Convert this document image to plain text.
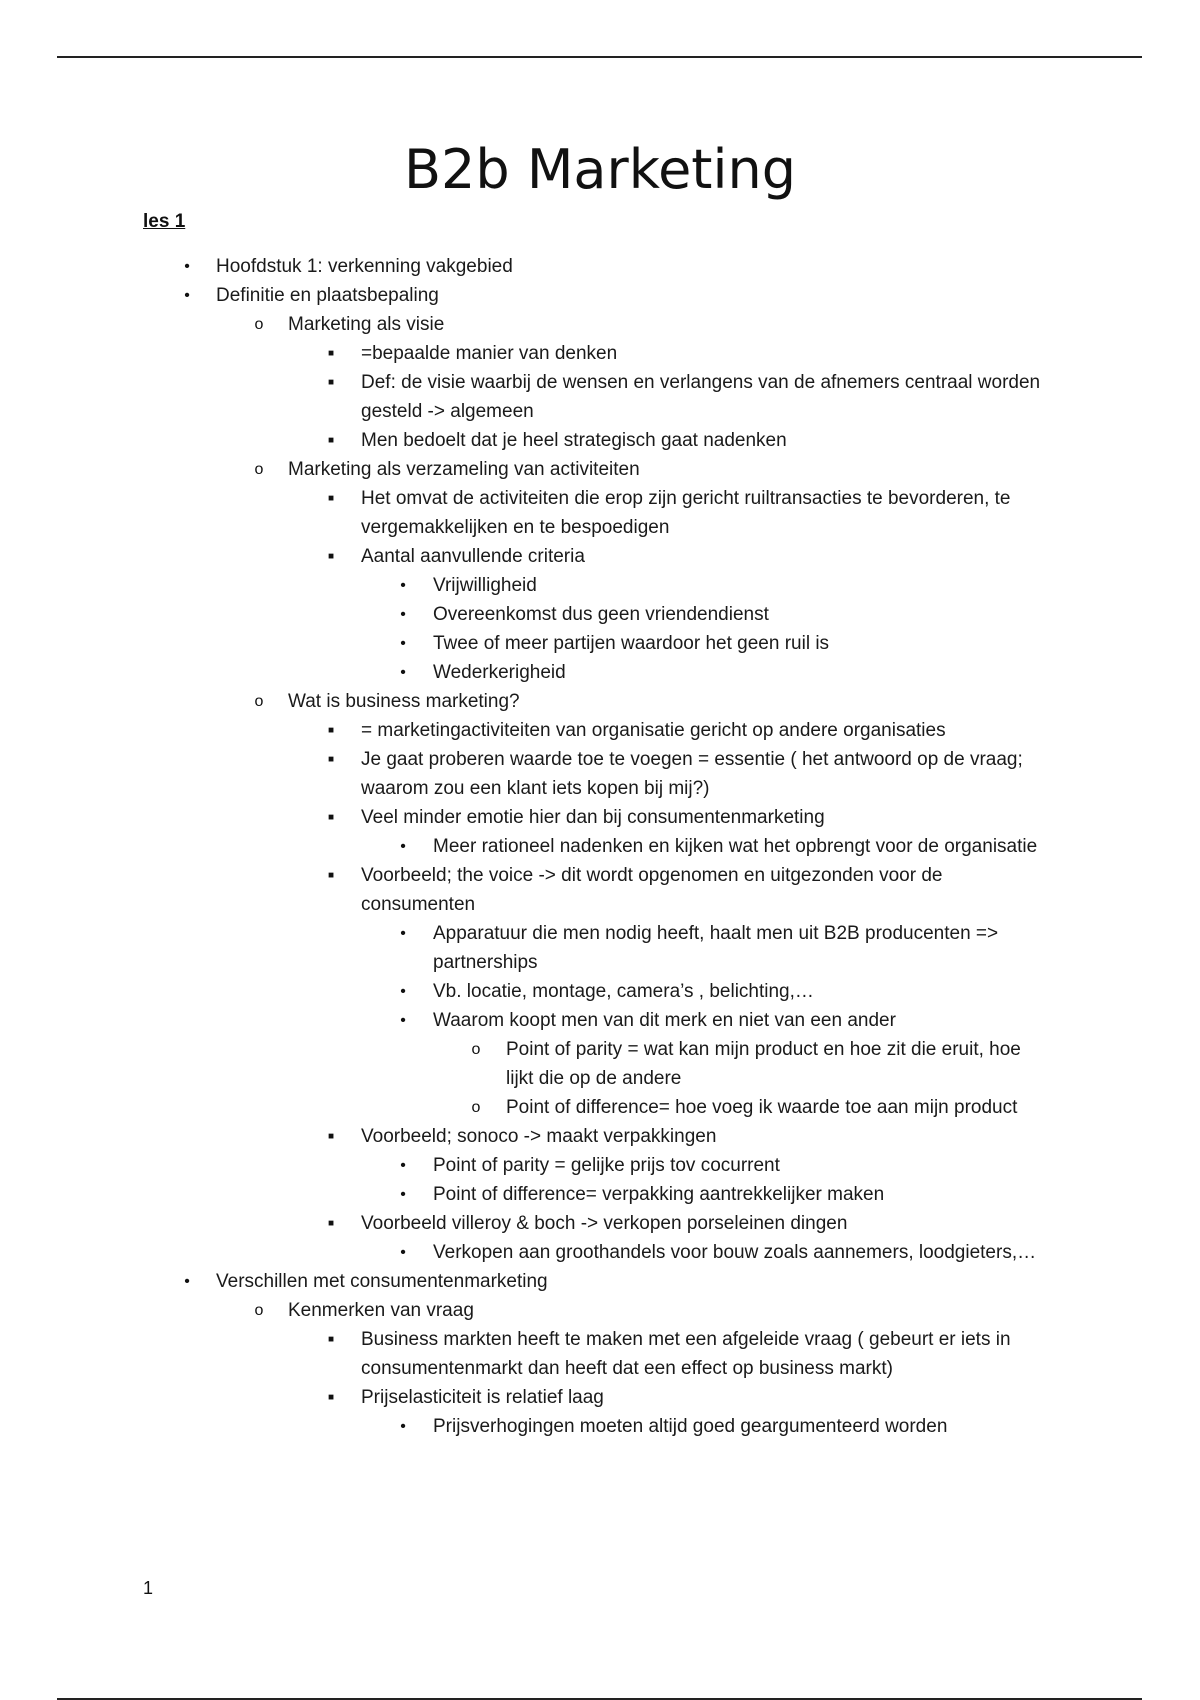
B2b Marketing
les 1
•	Hoofdstuk 1: verkenning vakgebied
•	Definitie en plaatsbepaling
o Marketing als visie
■	=bepaalde manier van denken
■	Def: de visie waarbij de wensen en verlangens van de afnemers centraal worden gesteld -> algemeen
■	Men bedoelt dat je heel strategisch gaat nadenken
o Marketing als verzameling van activiteiten
■	Het omvat de activiteiten die erop zijn gericht ruiltransacties te bevorderen, te vergemakkelijken en te bespoedigen
■	Aantal aanvullende criteria
•	Vrijwilligheid
•	Overeenkomst dus geen vriendendienst
•	Twee of meer partijen waardoor het geen ruil is
•	Wederkerigheid
o Wat is business marketing?
■	= marketingactiviteiten van organisatie gericht op andere organisaties
■	Je gaat proberen waarde toe te voegen = essentie ( het antwoord op de vraag; waarom zou een klant iets kopen bij mij?)
■	Veel minder emotie hier dan bij consumentenmarketing
•	Meer rationeel nadenken en kijken wat het opbrengt voor de organisatie
■	Voorbeeld; the voice -> dit wordt opgenomen en uitgezonden voor de consumenten
•	Apparatuur die men nodig heeft, haalt men uit B2B producenten => partnerships
•	Vb. locatie, montage, camera’s , belichting,…
•	Waarom koopt men van dit merk en niet van een ander
o Point of parity = wat kan mijn product en hoe zit die eruit, hoe lijkt die op de andere
o Point of difference= hoe voeg ik waarde toe aan mijn product
■	Voorbeeld; sonoco -> maakt verpakkingen
•	Point of parity = gelijke prijs tov cocurrent
•	Point of difference= verpakking aantrekkelijker maken
■	Voorbeeld villeroy & boch -> verkopen porseleinen dingen
•	Verkopen aan groothandels voor bouw zoals aannemers, loodgieters,…
•	Verschillen met consumentenmarketing
o Kenmerken van vraag
■	Business markten heeft te maken met een afgeleide vraag ( gebeurt er iets in consumentenmarkt dan heeft dat een effect op business markt)
■	Prijselasticiteit is relatief laag
•	Prijsverhogingen moeten altijd goed geargumenteerd worden
1
